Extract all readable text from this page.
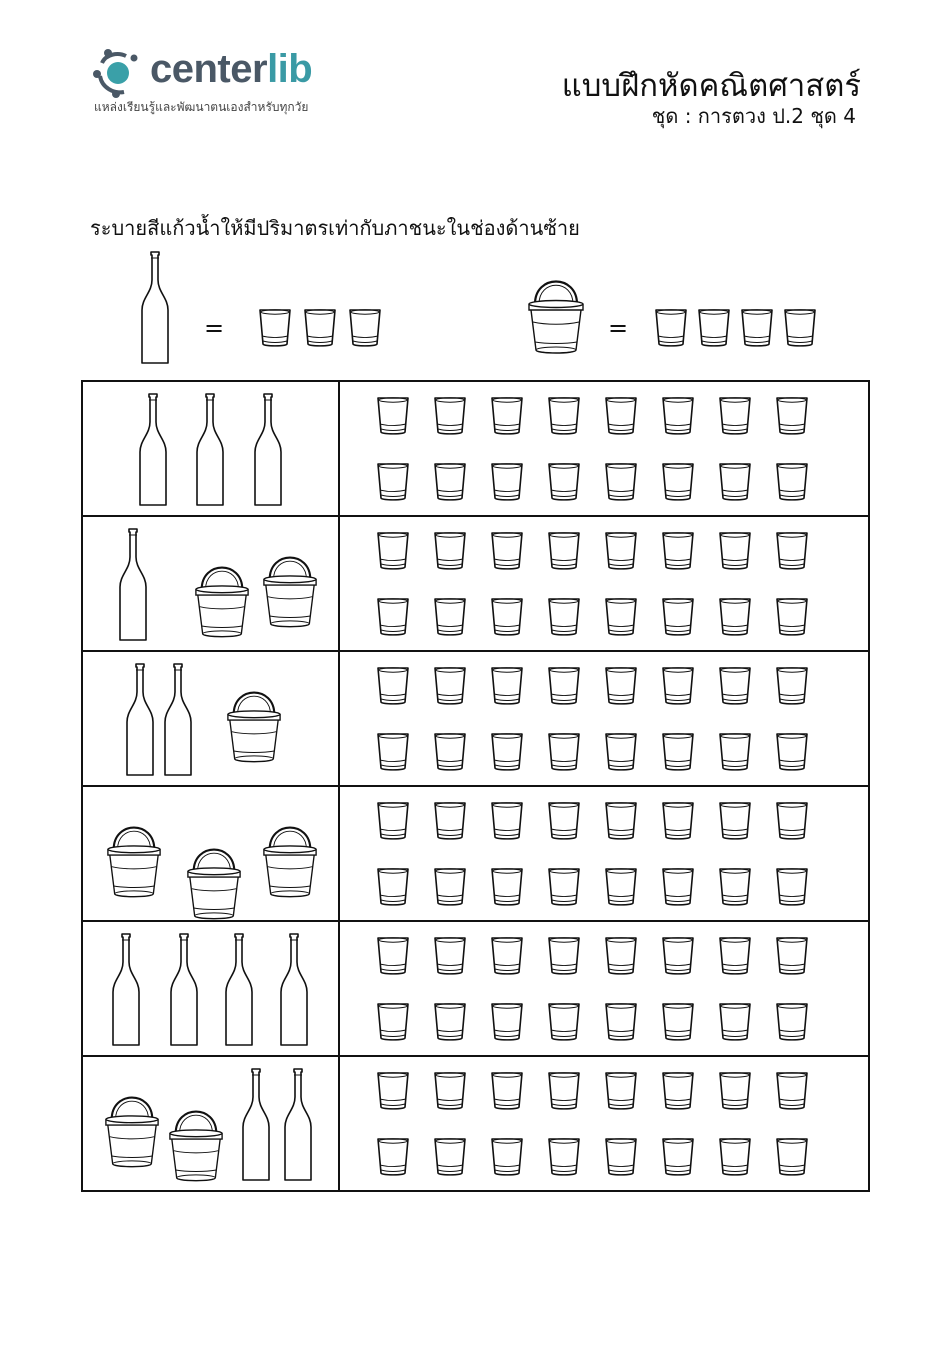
centerlib
แหล่งเรียนรู้และพัฒนาตนเองสำหรับทุกวัย
แบบฝึกหัดคณิตศาสตร์
ชุด : การตวง ป.2 ชุด 4
ระบายสีแก้วน้ำให้มีปริมาตรเท่ากับภาชนะในช่องด้านซ้าย
=	=
